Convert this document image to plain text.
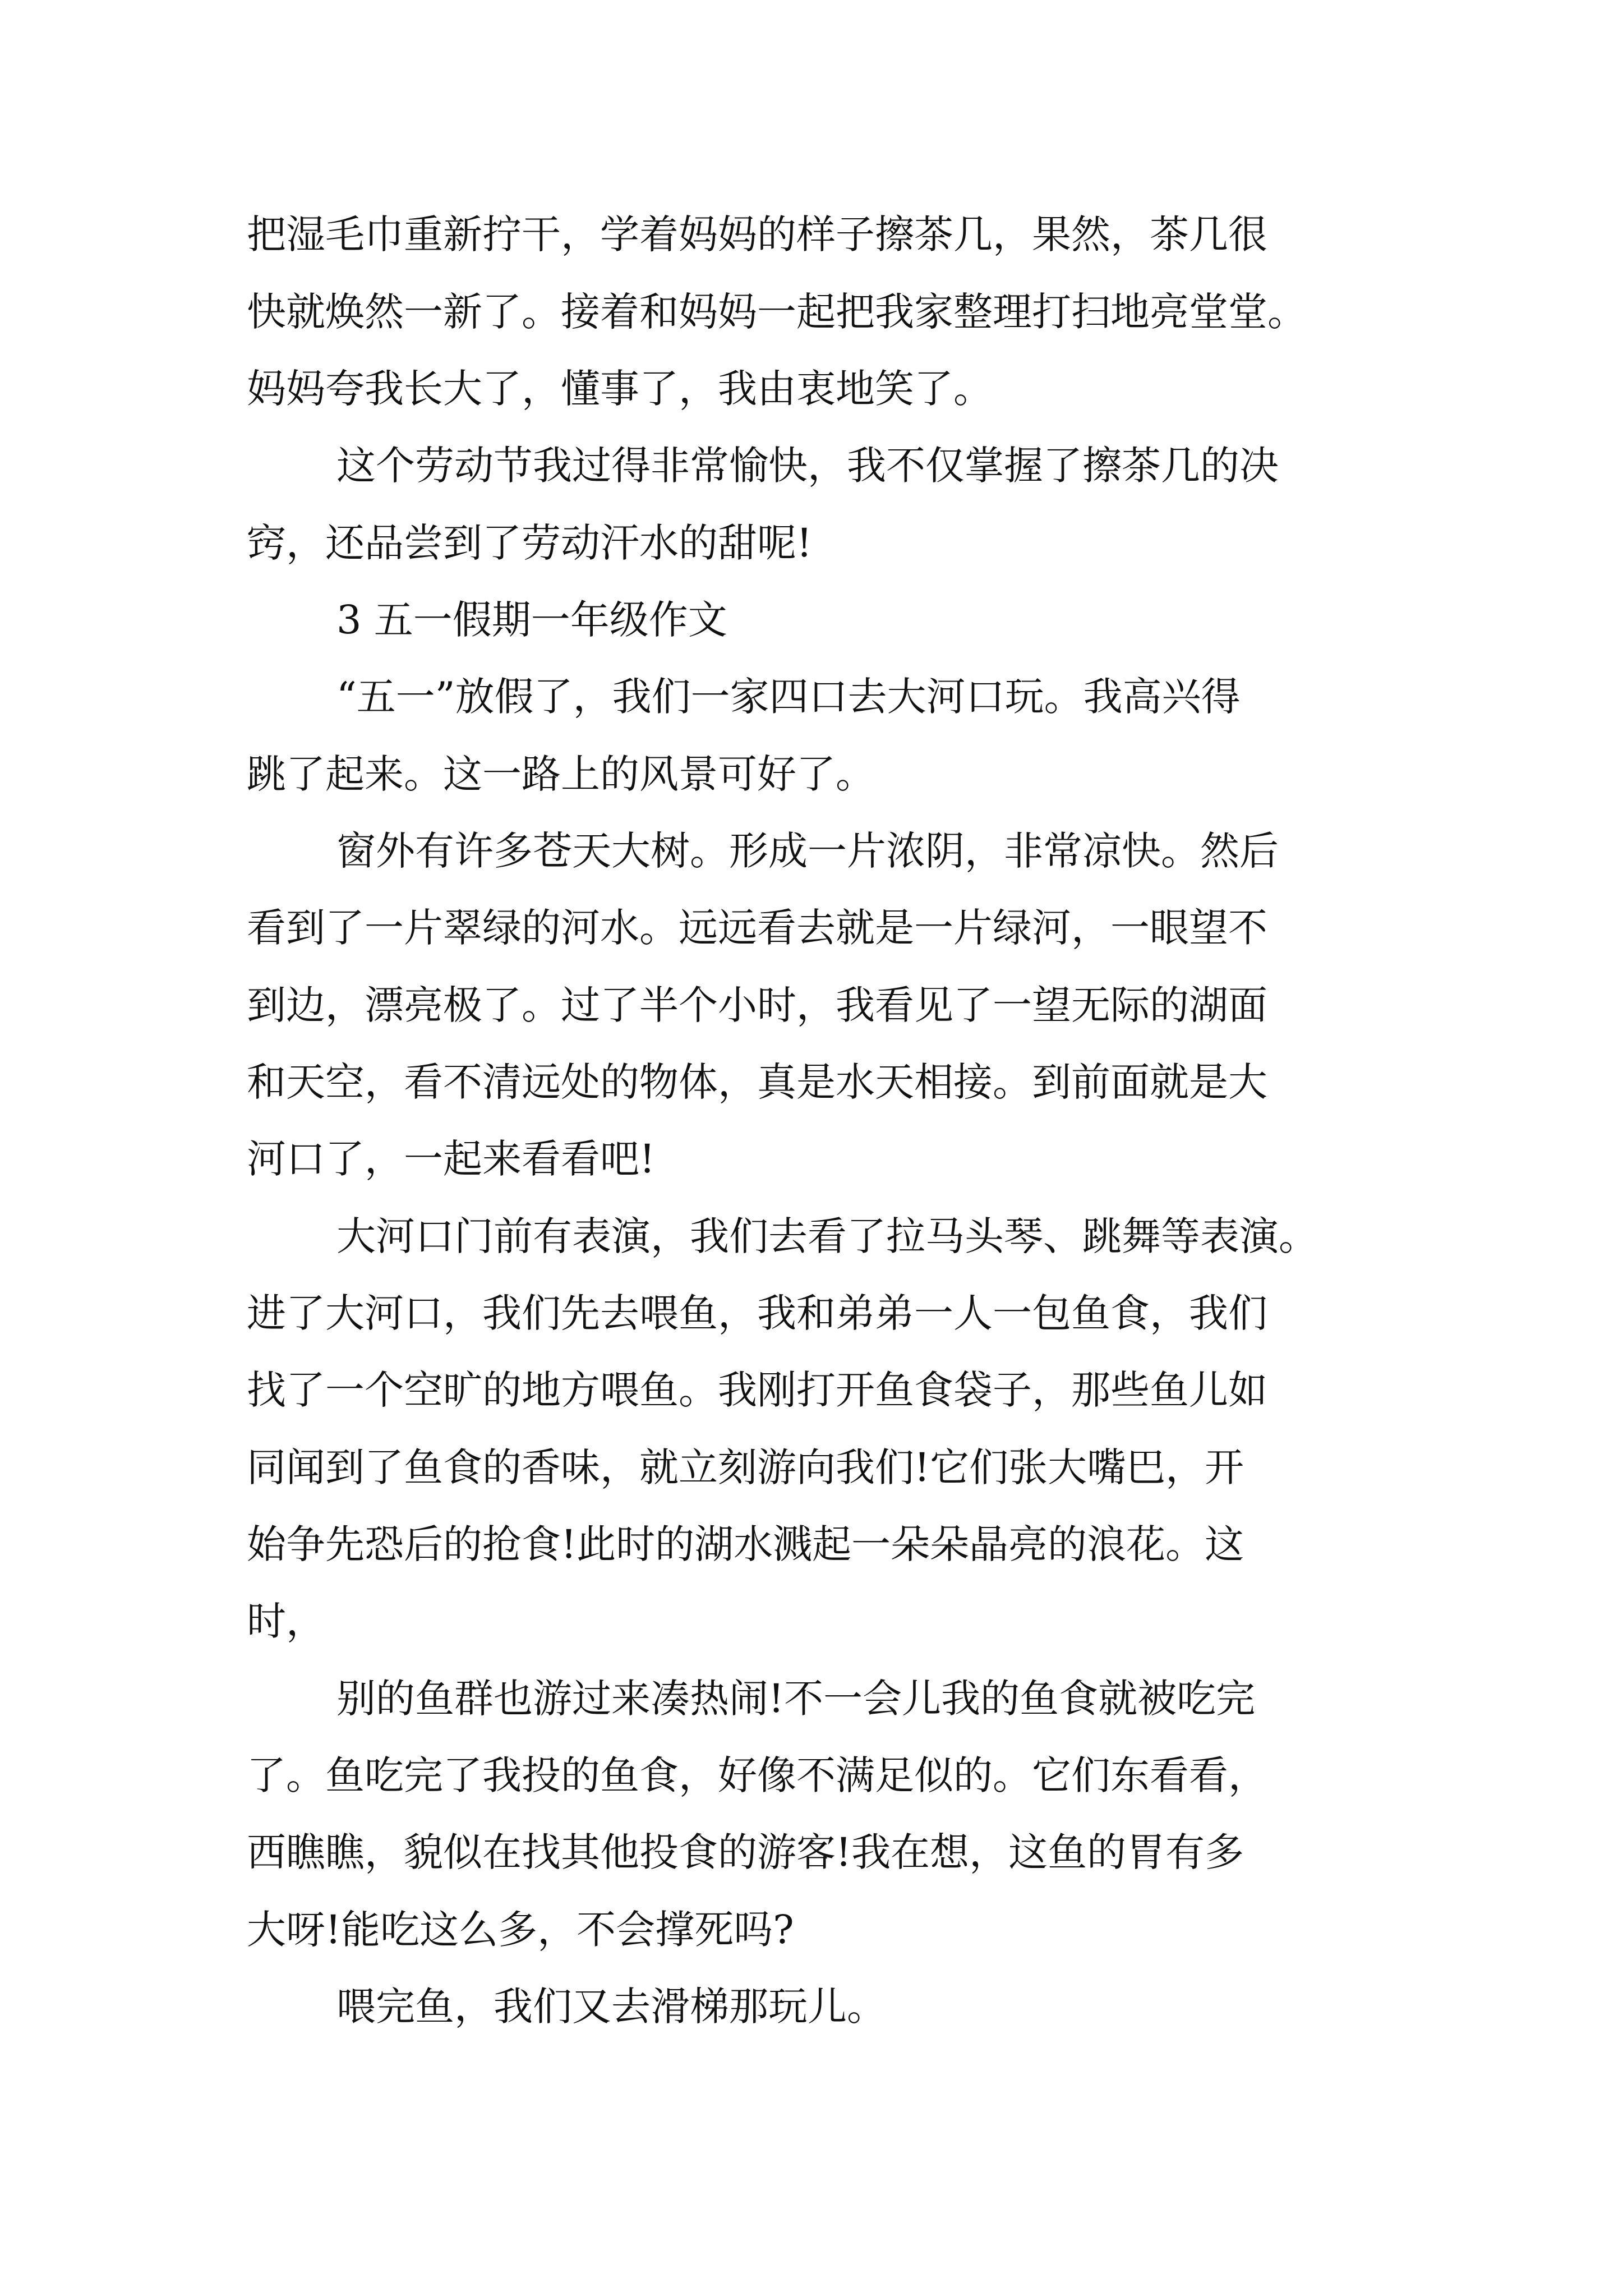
把湿毛巾重新拧干，学着妈妈的样子擦茶几，果然，茶几很
快就焕然一新了。接着和妈妈一起把我家整理打扫地亮堂堂。
妈妈夸我长大了，懂事了，我由衷地笑了。
这个劳动节我过得非常愉快，我不仅掌握了擦茶几的决
窍，还品尝到了劳动汗水的甜呢!
3 五一假期一年级作文
“五一”放假了，我们一家四口去大河口玩。我高兴得
跳了起来。这一路上的风景可好了。
窗外有许多苍天大树。形成一片浓阴，非常凉快。然后
看到了一片翠绿的河水。远远看去就是一片绿河，一眼望不
到边，漂亮极了。过了半个小时，我看见了一望无际的湖面
和天空，看不清远处的物体，真是水天相接。到前面就是大
河口了，一起来看看吧!
大河口门前有表演，我们去看了拉马头琴、跳舞等表演。
进了大河口，我们先去喂鱼，我和弟弟一人一包鱼食，我们
找了一个空旷的地方喂鱼。我刚打开鱼食袋子，那些鱼儿如
同闻到了鱼食的香味，就立刻游向我们!它们张大嘴巴，开
始争先恐后的抢食!此时的湖水溅起一朵朵晶亮的浪花。这
时，
别的鱼群也游过来凑热闹!不一会儿我的鱼食就被吃完
了。鱼吃完了我投的鱼食，好像不满足似的。它们东看看，
西瞧瞧，貌似在找其他投食的游客!我在想，这鱼的胃有多
大呀!能吃这么多，不会撑死吗?
喂完鱼，我们又去滑梯那玩儿。
